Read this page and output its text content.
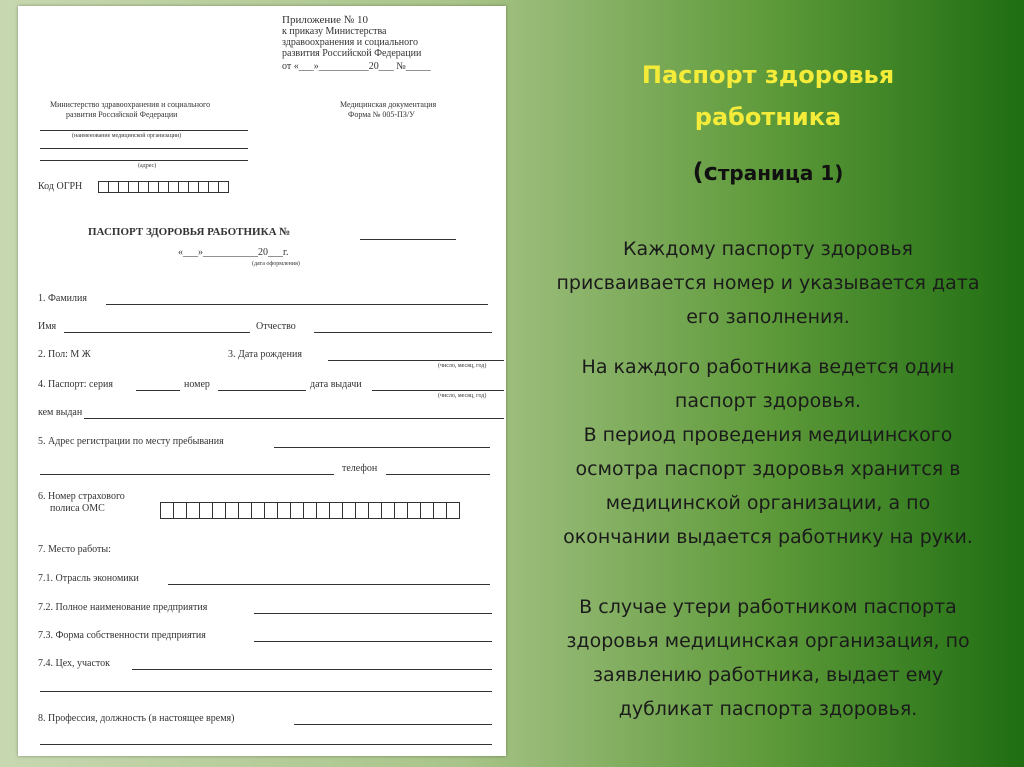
Приложение № 10
к приказу Министерства
здравоохранения и социального
развития Российской Федерации
от «___»__________20___ №_____
Министерство здравоохранения и социального
развития Российской Федерации
(наименование медицинской организации)
(адрес)
Медицинская документация
Форма № 005-ПЗ/У
Код ОГРН
ПАСПОРТ ЗДОРОВЬЯ РАБОТНИКА №
«___»___________20___г.
(дата оформления)
1. Фамилия
Имя	Отчество
2. Пол: М Ж	3. Дата рождения
(число, месяц, год)
4. Паспорт: серия	номер	дата выдачи
(число, месяц, год)
кем выдан
5. Адрес регистрации по месту пребывания
телефон
6. Номер страхового
полиса ОМС
7. Место работы:
7.1. Отрасль экономики
7.2. Полное наименование предприятия
7.3. Форма собственности предприятия
7.4. Цех, участок
8. Профессия, должность (в настоящее время)
Паспорт здоровья
работника
(страница 1)
Каждому паспорту здоровья
присваивается номер и указывается дата
его заполнения.
На каждого работника ведется один
паспорт здоровья.
В период проведения медицинского
осмотра паспорт здоровья хранится в
медицинской организации, а по
окончании выдается работнику на руки.
В случае утери работником паспорта
здоровья медицинская организация, по
заявлению работника, выдает ему
дубликат паспорта здоровья.
